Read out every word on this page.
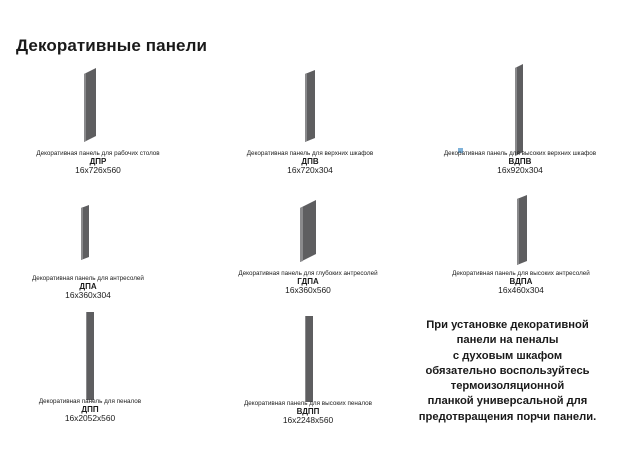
Декоративные панели
Декоративная панель для рабочих столов
ДПР
16х726х560
Декоративная панель для верхних шкафов
ДПВ
16х720х304
Декоративная панель для высоких верхних шкафов
ВДПВ
16х920х304
Декоративная панель для антресолей
ДПА
16х360х304
Декоративная панель для глубоких антресолей
ГДПА
16х360х560
Декоративная панель для высоких антресолей
ВДПА
16х460х304
Декоративная панель для пеналов
ДПП
16х2052х560
Декоративная панель для высоких пеналов
ВДПП
16х2248х560
При установке декоративной
панели на пеналы
с духовым шкафом
обязательно воспользуйтесь
термоизоляционной
планкой универсальной для
предотвращения порчи панели.
